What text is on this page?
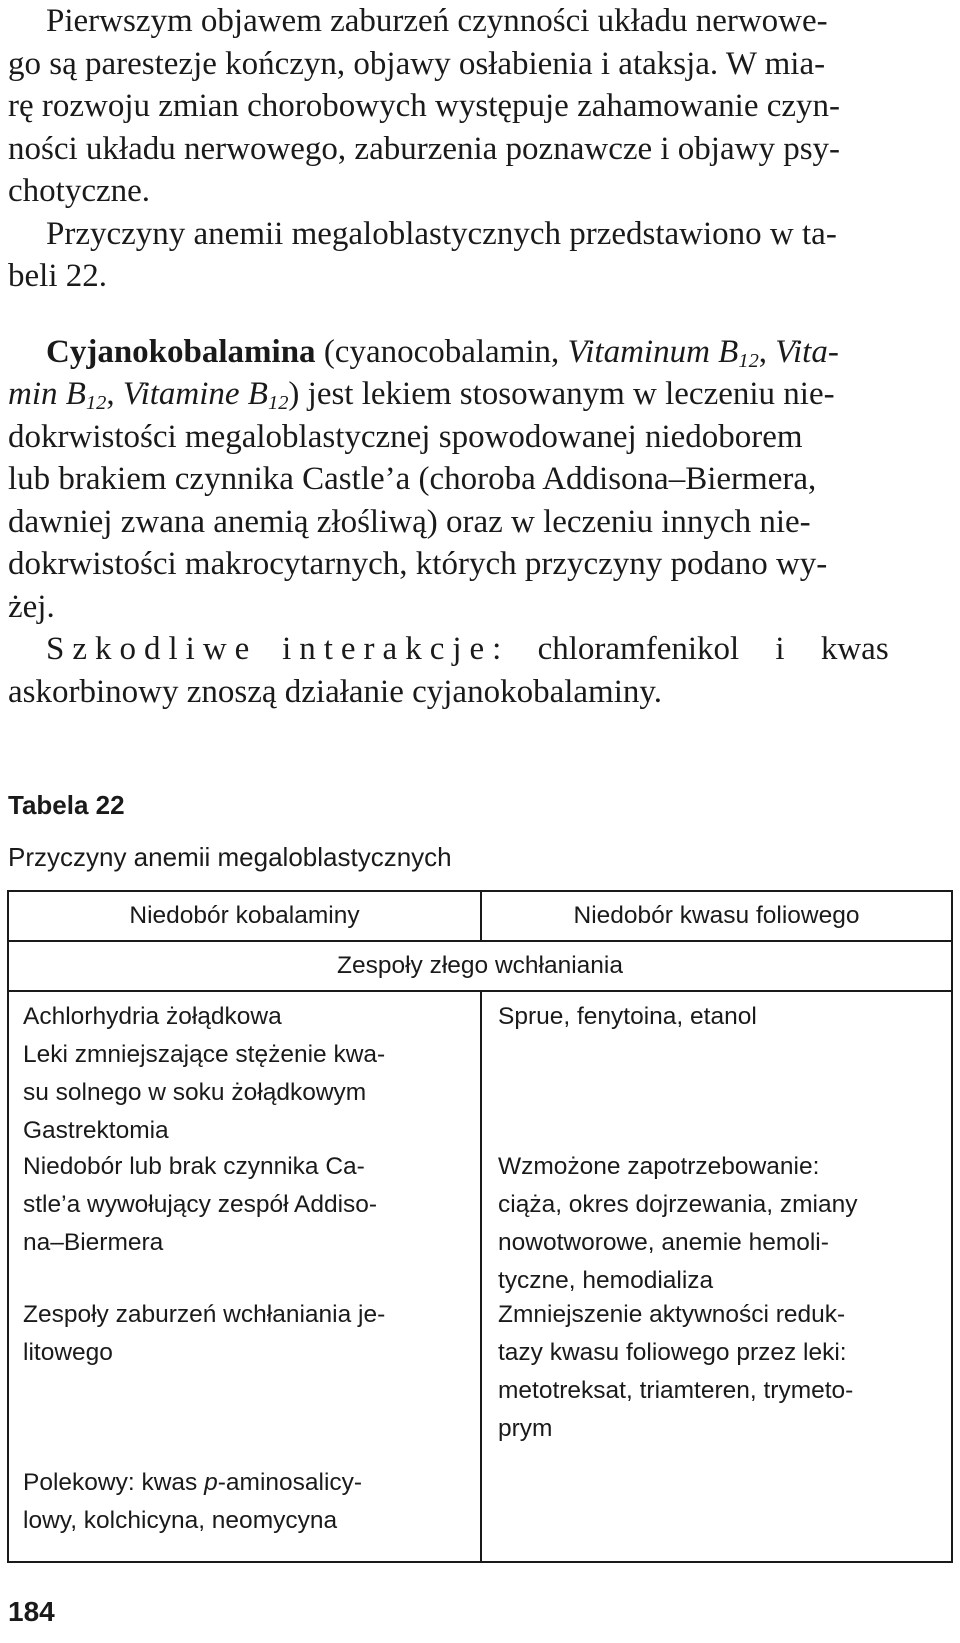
Pierwszym objawem zaburzeń czynności układu nerwowe-
go są parestezje kończyn, objawy osłabienia i ataksja. W mia-
rę rozwoju zmian chorobowych występuje zahamowanie czyn-
ności układu nerwowego, zaburzenia poznawcze i objawy psy-
chotyczne.

Przyczyny anemii megaloblastycznych przedstawiono w ta-
beli 22.

Cyjanokobalamina (cyanocobalamin, Vitaminum $B_{12}$, Vita-
$\min B_{12}$, Vitamine $B_{12}$) jest lekiem stosowanym w leczeniu nie-
dokrwistości megaloblastycznej spowodowanej niedoborem
lub brakiem czynnika Castle’a (choroba Addisona–Biermera,
dawniej zwana anemią złośliwą) oraz w leczeniu innych nie-
dokrwistości makrocytarnych, których przyczyny podano wy-
żej.

Szkodliwe interakcje: chloramfenikol i kwas
askorbinowy znoszą działanie cyjanokobalaminy.

Tabela 22
Przyczyny anemii megaloblastycznych
Niedobór kobalaminy	Niedobór kwasu foliowego
Zespoły złego wchłaniania
Achlorhydria żołądkowa
Leki zmniejszające stężenie kwa-
su solnego w soku żołądkowym
Gastrektomia
Niedobór lub brak czynnika Ca-
stle’a wywołujący zespół Addiso-
na–Biermera
Zespoły zaburzeń wchłaniania je-
litowego
Polekowy: kwas p-aminosalicy-
lowy, kolchicyna, neomycyna
Sprue, fenytoina, etanol
Wzmożone zapotrzebowanie:
ciąża, okres dojrzewania, zmiany
nowotworowe, anemie hemoli-
tyczne, hemodializa
Zmniejszenie aktywności reduk-
tazy kwasu foliowego przez leki:
metotreksat, triamteren, trymeto-
prym
184
